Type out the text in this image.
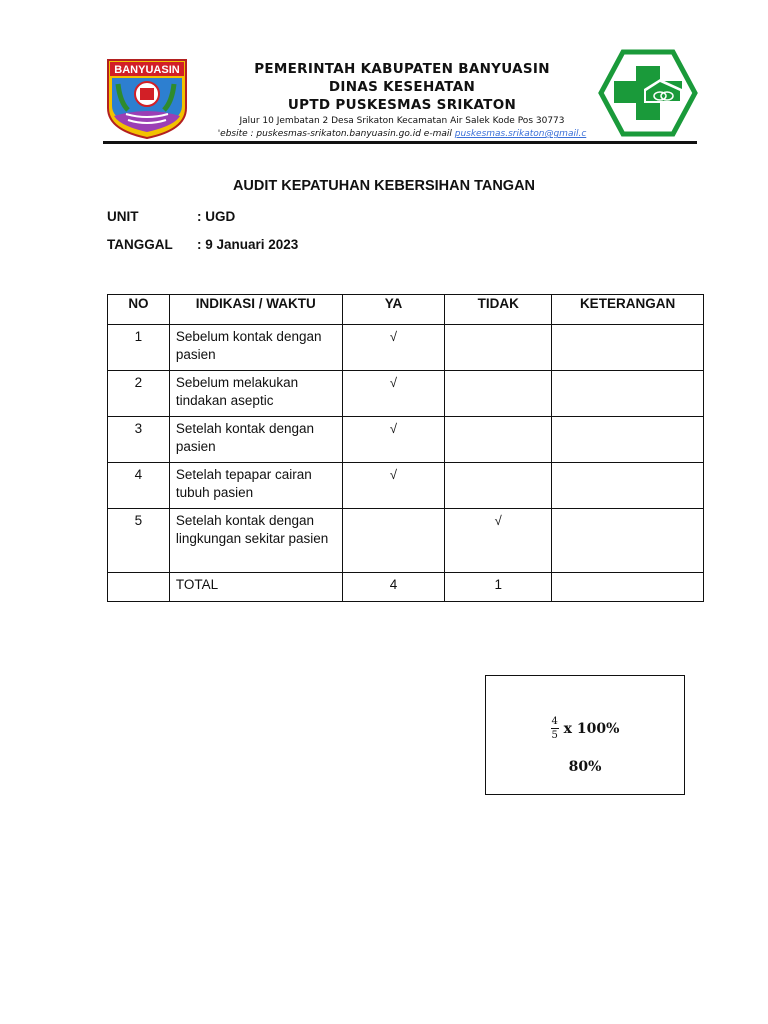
BANYUASIN	PEMERINTAH KABUPATEN BANYUASIN
DINAS KESEHATAN
UPTD PUSKESMAS SRIKATON
Jalur 10 Jembatan 2 Desa Srikaton Kecamatan Air Salek Kode Pos 30773
'ebsite : puskesmas-srikaton.banyuasin.go.id e-mail puskesmas.srikaton@gmail.c
AUDIT KEPATUHAN KEBERSIHAN TANGAN
UNIT	: UGD
TANGGAL : 9 Januari 2023
NO	INDIKASI / WAKTU	YA	TIDAK	KETERANGAN
1	Sebelum kontak dengan pasien	√		
2	Sebelum melakukan tindakan aseptic	√		
3	Setelah kontak dengan pasien	√		
4	Setelah tepapar cairan tubuh pasien	√		
5	Setelah kontak dengan lingkungan sekitar pasien		√	
	TOTAL	4	1	
$\frac{4}{5}$ x 100%
80%
